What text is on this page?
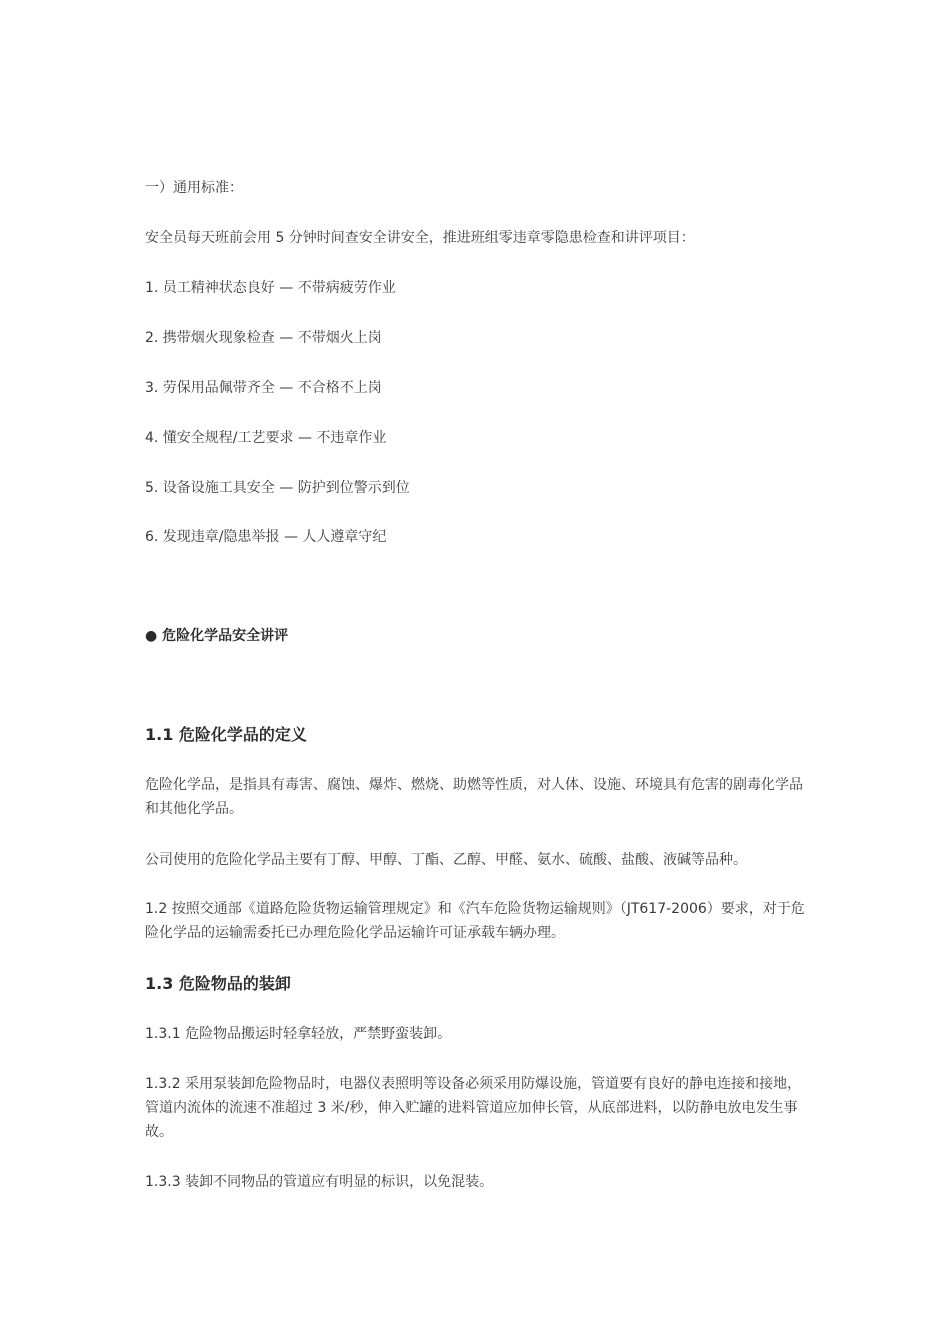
一）通用标准：
安全员每天班前会用 5 分钟时间查安全讲安全，推进班组零违章零隐患检查和讲评项目：
1. 员工精神状态良好 — 不带病疲劳作业
2. 携带烟火现象检查 — 不带烟火上岗
3. 劳保用品佩带齐全 — 不合格不上岗
4. 懂安全规程/工艺要求 — 不违章作业
5. 设备设施工具安全 — 防护到位警示到位
6. 发现违章/隐患举报 — 人人遵章守纪
● 危险化学品安全讲评
1.1 危险化学品的定义
危险化学品，是指具有毒害、腐蚀、爆炸、燃烧、助燃等性质，对人体、设施、环境具有危害的剧毒化学品和其他化学品。
公司使用的危险化学品主要有丁醇、甲醇、丁酯、乙醇、甲醛、氨水、硫酸、盐酸、液碱等品种。
1.2 按照交通部《道路危险货物运输管理规定》和《汽车危险货物运输规则》（JT617-2006）要求，对于危险化学品的运输需委托已办理危险化学品运输许可证承载车辆办理。
1.3 危险物品的装卸
1.3.1 危险物品搬运时轻拿轻放，严禁野蛮装卸。
1.3.2 采用泵装卸危险物品时，电器仪表照明等设备必须采用防爆设施，管道要有良好的静电连接和接地，管道内流体的流速不准超过 3 米/秒，伸入贮罐的进料管道应加伸长管，从底部进料，以防静电放电发生事故。
1.3.3 装卸不同物品的管道应有明显的标识，以免混装。
